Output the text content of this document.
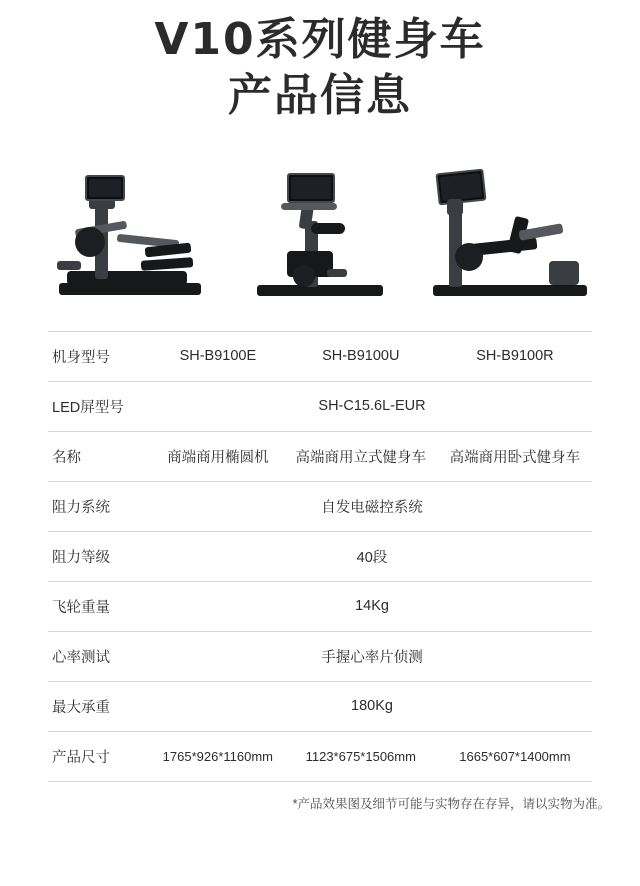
V10系列健身车
产品信息
机身型号	SH-B9100E	SH-B9100U	SH-B9100R
LED屏型号	SH-C15.6L-EUR		
名称	商端商用椭圆机	高端商用立式健身车	高端商用卧式健身车
阻力系统	自发电磁控系统		
阻力等级	40段		
飞轮重量	14Kg		
心率测试	手握心率片侦测		
最大承重	180Kg		
产品尺寸	1765*926*1160mm	1123*675*1506mm	1665*607*1400mm
*产品效果图及细节可能与实物存在存异，请以实物为准。
